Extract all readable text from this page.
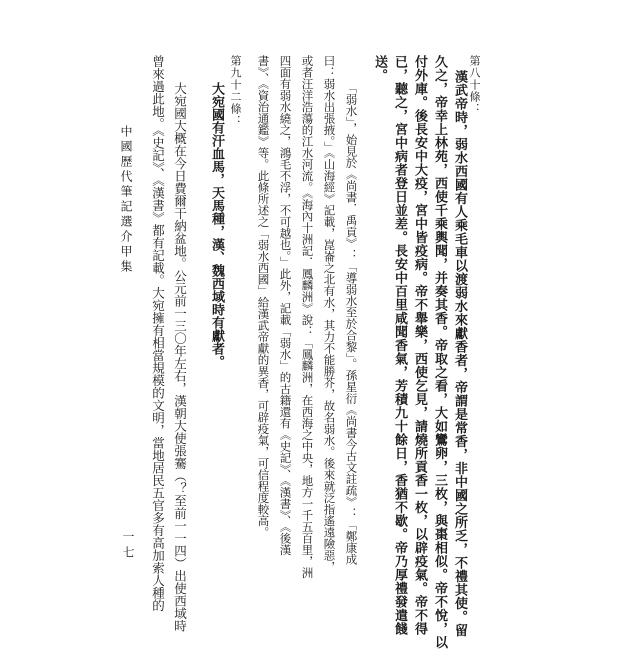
第八十條：
漢武帝時，弱水西國有人乘毛車以渡弱水來獻香者，帝謂是常香，非中國之所乏，不禮其使。留
久之，帝幸上林苑，西使千乘輿聞，并奏其香。帝取之看，大如鸞卵，三枚，與棗相似。帝不悅，以
付外庫。後長安中大疫，宮中皆疫病。帝不舉樂，西使乞見，請燒所貢香一枚，以辟疫氣。帝不得
已，聽之，宮中病者登日並差。長安中百里咸聞香氣，芳積九十餘日，香猶不歇。帝乃厚禮發遣餞
送。
「弱水」，始見於《尚書．禹貢》：「導弱水至於合黎」。孫星衍《尚書今古文註疏》：「鄭康成
曰：弱水出張掖。」《山海經》記載，崑崙之北有水，其力不能勝芥，故名弱水。後來就泛指遙遠險惡，
或者汪洋浩蕩的江水河流。《海內十洲記．鳳麟洲》說：「鳳麟洲，在西海之中央，地方一千五百里，洲
四面有弱水繞之，鴻毛不浮，不可越也。」此外，記載「弱水」的古籍還有《史記》、《漢書》、《後漢
書》、《資治通鑑》等。此條所述之「弱水西國」給漢武帝獻的異香，可辟疫氣，可信程度較高。
第九十二條：
大宛國有汗血馬，天馬種，漢、魏西域時有獻者。
大宛國大概在今日費爾干納盆地。公元前一三〇年左右，漢朝大使張騫（？至前一一四）出使西域時
曾來過此地。《史記》、《漢書》都有記載。大宛擁有相當規模的文明，當地居民五官多有高加索人種的
中國歷代筆記選介甲集
一七
